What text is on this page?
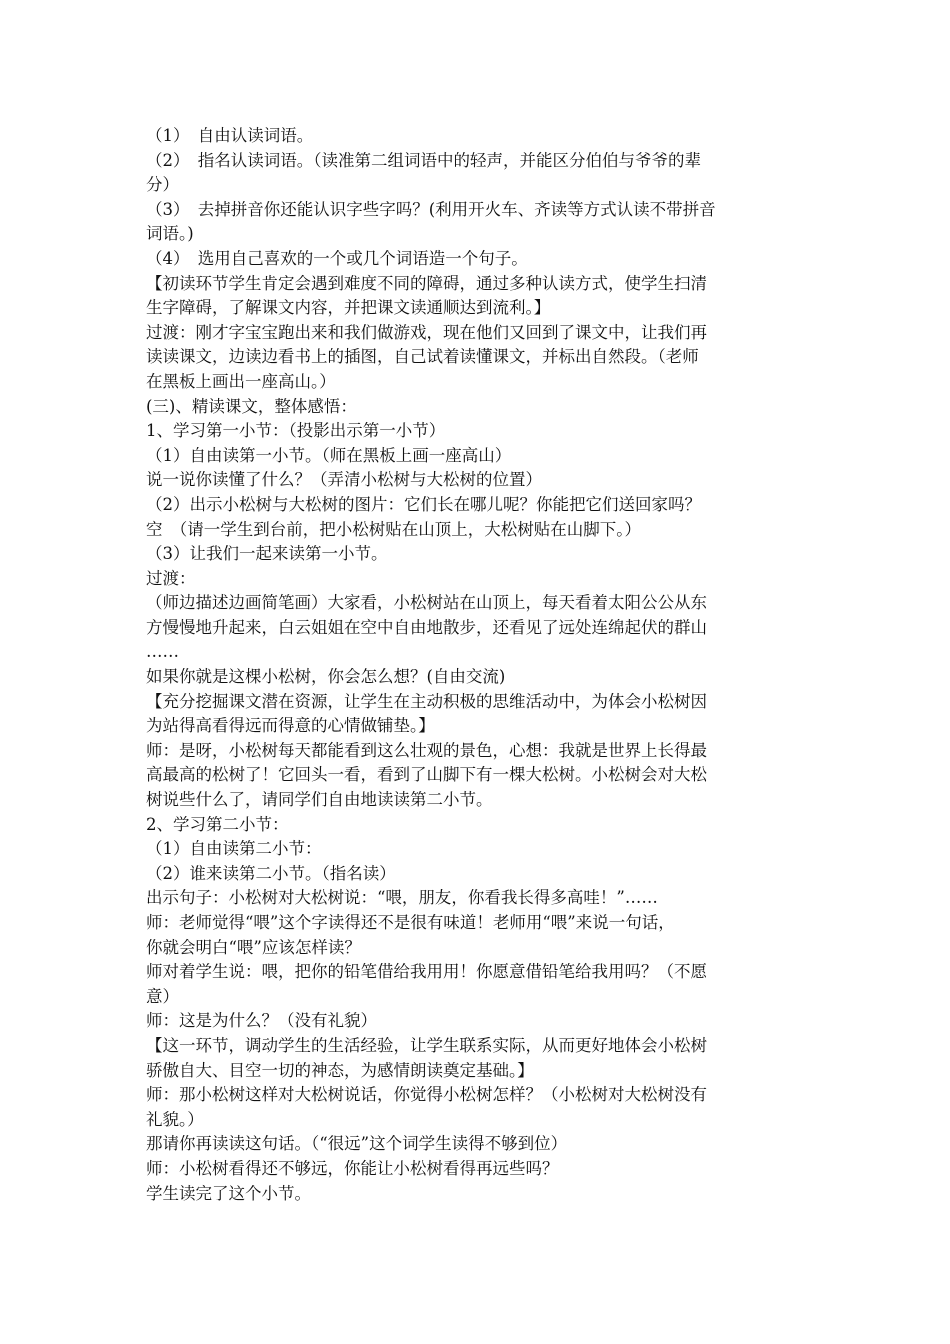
（1）　自由认读词语。
（2）　指名认读词语。（读准第二组词语中的轻声，并能区分伯伯与爷爷的辈
分）
（3）　去掉拼音你还能认识字些字吗？(利用开火车、齐读等方式认读不带拼音
词语。)
（4）　选用自己喜欢的一个或几个词语造一个句子。
【初读环节学生肯定会遇到难度不同的障碍，通过多种认读方式，使学生扫清
生字障碍，了解课文内容，并把课文读通顺达到流利。】
过渡：刚才字宝宝跑出来和我们做游戏，现在他们又回到了课文中，让我们再
读读课文，边读边看书上的插图，自己试着读懂课文，并标出自然段。（老师
在黑板上画出一座高山。）
(三)、精读课文，整体感悟：
1、学习第一小节：（投影出示第一小节）
（1）自由读第一小节。（师在黑板上画一座高山）
说一说你读懂了什么？（弄清小松树与大松树的位置）
（2）出示小松树与大松树的图片：它们长在哪儿呢？你能把它们送回家吗？
空　（请一学生到台前，把小松树贴在山顶上，大松树贴在山脚下。）
（3）让我们一起来读第一小节。
过渡：
（师边描述边画简笔画）大家看，小松树站在山顶上，每天看着太阳公公从东
方慢慢地升起来，白云姐姐在空中自由地散步，还看见了远处连绵起伏的群山
……
如果你就是这棵小松树，你会怎么想？(自由交流)
【充分挖掘课文潜在资源，让学生在主动积极的思维活动中，为体会小松树因
为站得高看得远而得意的心情做铺垫。】
师：是呀，小松树每天都能看到这么壮观的景色，心想：我就是世界上长得最
高最高的松树了！它回头一看，看到了山脚下有一棵大松树。小松树会对大松
树说些什么了，请同学们自由地读读第二小节。
2、学习第二小节：
（1）自由读第二小节：
（2）谁来读第二小节。（指名读）
出示句子：小松树对大松树说：“喂，朋友，你看我长得多高哇！”……
师：老师觉得“喂”这个字读得还不是很有味道！老师用“喂”来说一句话，
你就会明白“喂”应该怎样读？
师对着学生说：喂，把你的铅笔借给我用用！你愿意借铅笔给我用吗？（不愿
意）
师：这是为什么？（没有礼貌）
【这一环节，调动学生的生活经验，让学生联系实际，从而更好地体会小松树
骄傲自大、目空一切的神态，为感情朗读奠定基础。】
师：那小松树这样对大松树说话，你觉得小松树怎样？（小松树对大松树没有
礼貌。）
那请你再读读这句话。（“很远”这个词学生读得不够到位）
师：小松树看得还不够远，你能让小松树看得再远些吗？
学生读完了这个小节。
